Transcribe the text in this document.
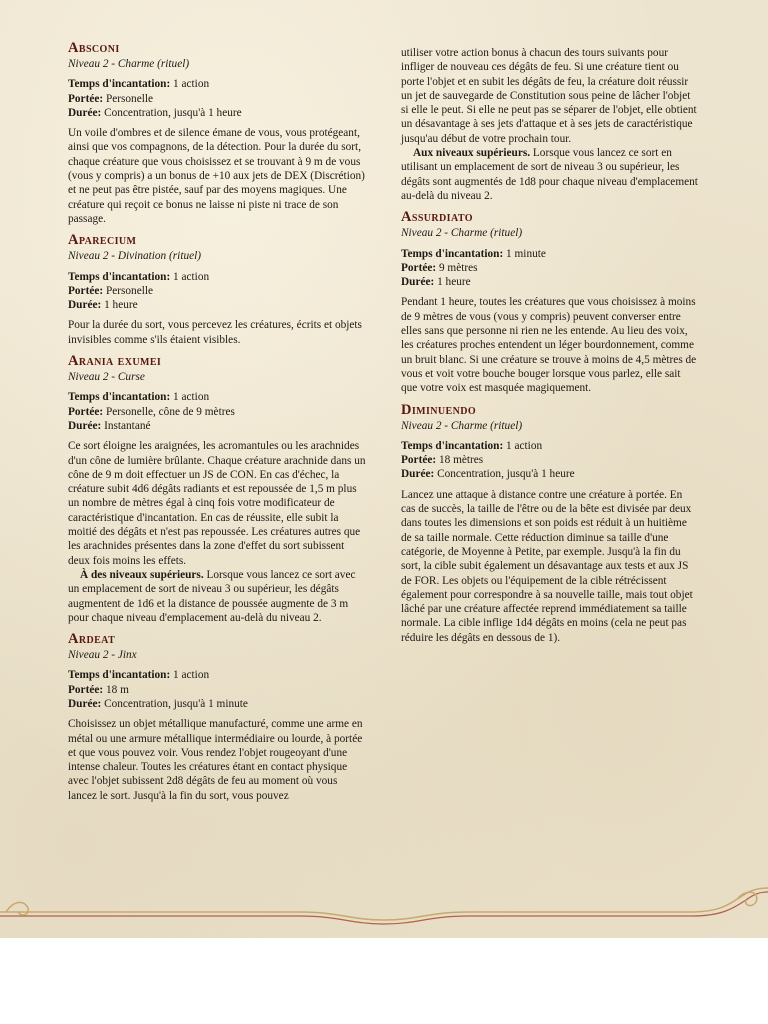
Absconi

Niveau 2 - Charme (rituel)

Temps d'incantation: 1 action

Portée: Personelle

Durée: Concentration, jusqu'à 1 heure

Un voile d'ombres et de silence émane de vous, vous protégeant, ainsi que vos compagnons, de la détection. Pour la durée du sort, chaque créature que vous choisissez et se trouvant à 9 m de vous (vous y compris) a un bonus de +10 aux jets de DEX (Discrétion) et ne peut pas être pistée, sauf par des moyens magiques. Une créature qui reçoit ce bonus ne laisse ni piste ni trace de son passage.

Aparecium

Niveau 2 - Divination (rituel)

Temps d'incantation: 1 action

Portée: Personelle

Durée: 1 heure

Pour la durée du sort, vous percevez les créatures, écrits et objets invisibles comme s'ils étaient visibles.

Arania exumei

Niveau 2 - Curse

Temps d'incantation: 1 action

Portée: Personelle, cône de 9 mètres

Durée: Instantané

Ce sort éloigne les araignées, les acromantules ou les arachnides d'un cône de lumière brûlante. Chaque créature arachnide dans un cône de 9 m doit effectuer un JS de CON. En cas d'échec, la créature subit 4d6 dégâts radiants et est repoussée de 1,5 m plus un nombre de mètres égal à cinq fois votre modificateur de caractéristique d'incantation. En cas de réussite, elle subit la moitié des dégâts et n'est pas repoussée. Les créatures autres que les arachnides présentes dans la zone d'effet du sort subissent deux fois moins les effets.

À des niveaux supérieurs. Lorsque vous lancez ce sort avec un emplacement de sort de niveau 3 ou supérieur, les dégâts augmentent de 1d6 et la distance de poussée augmente de 3 m pour chaque niveau d'emplacement au-delà du niveau 2.

Ardeat

Niveau 2 - Jinx

Temps d'incantation: 1 action

Portée: 18 m

Durée: Concentration, jusqu'à 1 minute

Choisissez un objet métallique manufacturé, comme une arme en métal ou une armure métallique intermédiaire ou lourde, à portée et que vous pouvez voir. Vous rendez l'objet rougeoyant d'une intense chaleur. Toutes les créatures étant en contact physique avec l'objet subissent 2d8 dégâts de feu au moment où vous lancez le sort. Jusqu'à la fin du sort, vous pouvez

utiliser votre action bonus à chacun des tours suivants pour infliger de nouveau ces dégâts de feu. Si une créature tient ou porte l'objet et en subit les dégâts de feu, la créature doit réussir un jet de sauvegarde de Constitution sous peine de lâcher l'objet si elle le peut. Si elle ne peut pas se séparer de l'objet, elle obtient un désavantage à ses jets d'attaque et à ses jets de caractéristique jusqu'au début de votre prochain tour.

Aux niveaux supérieurs. Lorsque vous lancez ce sort en utilisant un emplacement de sort de niveau 3 ou supérieur, les dégâts sont augmentés de 1d8 pour chaque niveau d'emplacement au-delà du niveau 2.

Assurdiato

Niveau 2 - Charme (rituel)

Temps d'incantation: 1 minute

Portée: 9 mètres

Durée: 1 heure

Pendant 1 heure, toutes les créatures que vous choisissez à moins de 9 mètres de vous (vous y compris) peuvent converser entre elles sans que personne ni rien ne les entende. Au lieu des voix, les créatures proches entendent un léger bourdonnement, comme un bruit blanc. Si une créature se trouve à moins de 4,5 mètres de vous et voit votre bouche bouger lorsque vous parlez, elle sait que votre voix est masquée magiquement.

Diminuendo

Niveau 2 - Charme (rituel)

Temps d'incantation: 1 action

Portée: 18 mètres

Durée: Concentration, jusqu'à 1 heure

Lancez une attaque à distance contre une créature à portée. En cas de succès, la taille de l'être ou de la bête est divisée par deux dans toutes les dimensions et son poids est réduit à un huitième de sa taille normale. Cette réduction diminue sa taille d'une catégorie, de Moyenne à Petite, par exemple. Jusqu'à la fin du sort, la cible subit également un désavantage aux tests et aux JS de FOR. Les objets ou l'équipement de la cible rétrécissent également pour correspondre à sa nouvelle taille, mais tout objet lâché par une créature affectée reprend immédiatement sa taille normale. La cible inflige 1d4 dégâts en moins (cela ne peut pas réduire les dégâts en dessous de 1).
